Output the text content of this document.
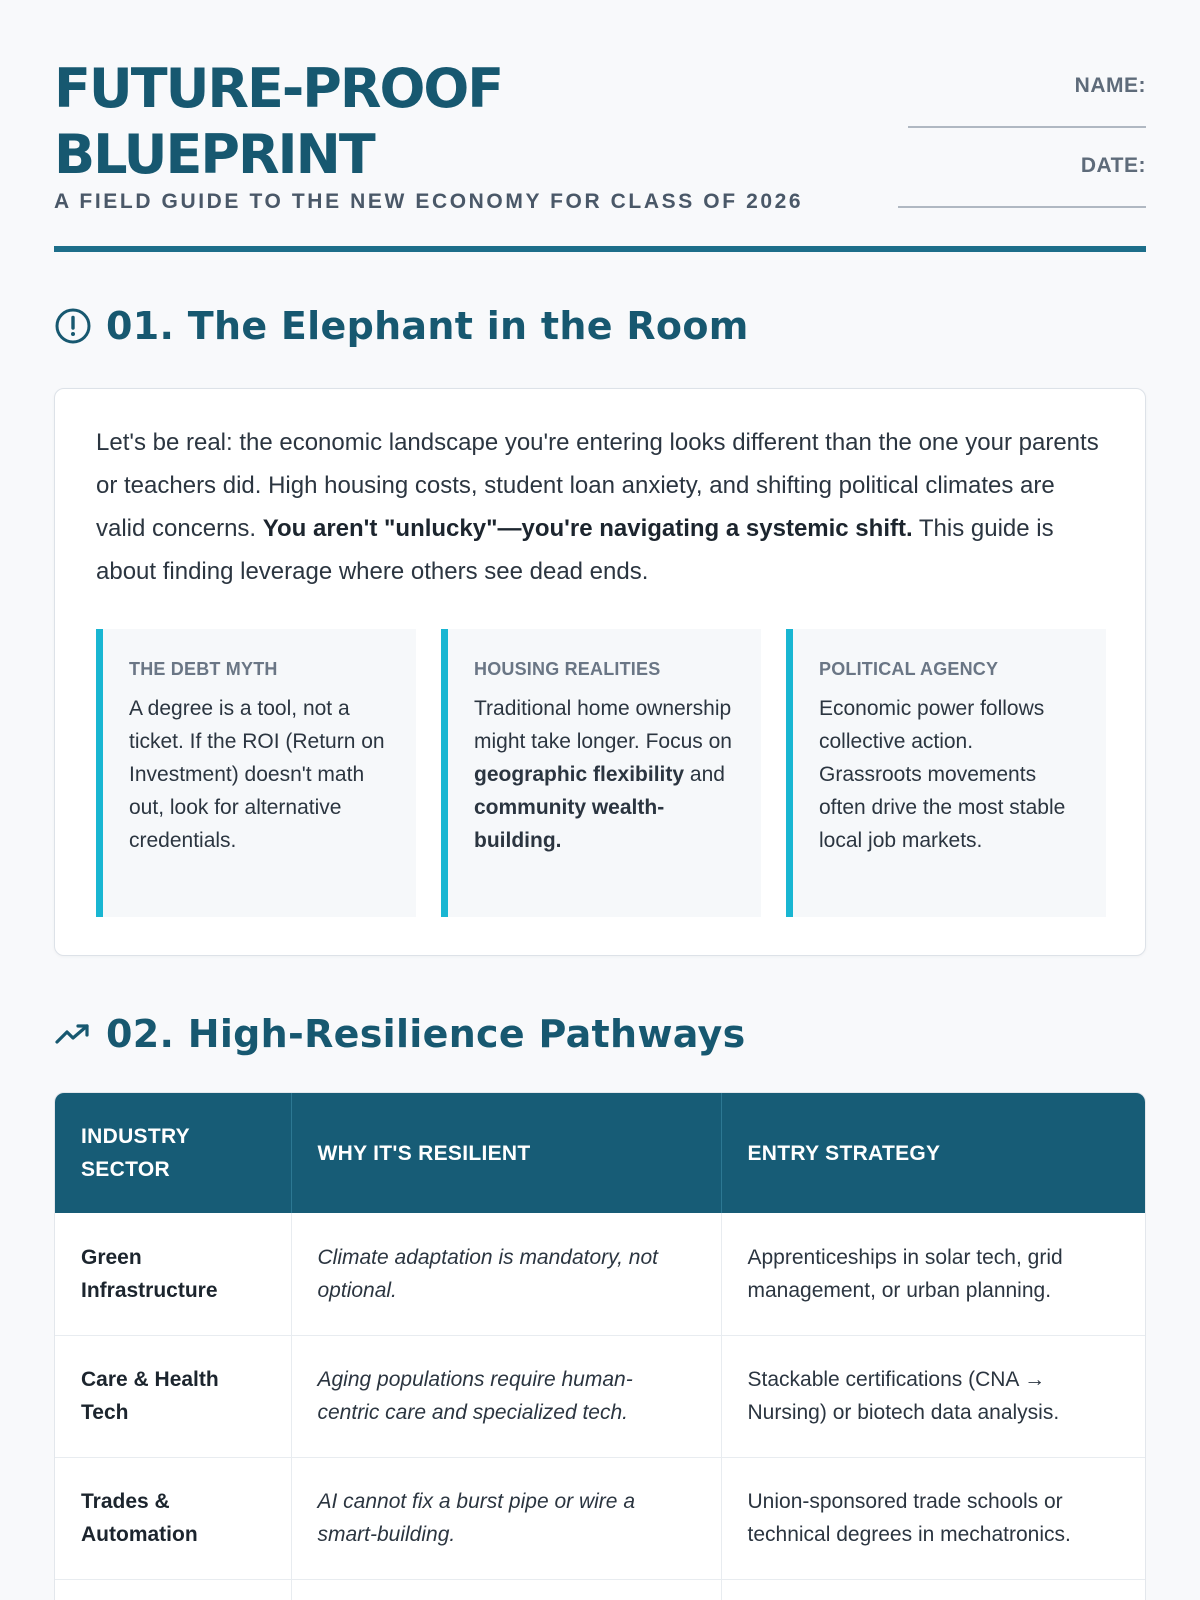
FUTURE-PROOF
BLUEPRINT
A FIELD GUIDE TO THE NEW ECONOMY FOR CLASS OF 2026
NAME:
DATE:
01. The Elephant in the Room

Let's be real: the economic landscape you're entering looks different than the one your parents or teachers did. High housing costs, student loan anxiety, and shifting political climates are valid concerns. You aren't "unlucky"—you're navigating a systemic shift. This guide is about finding leverage where others see dead ends.

THE DEBT MYTH
A degree is a tool, not a ticket. If the ROI (Return on Investment) doesn't math out, look for alternative credentials.
HOUSING REALITIES
Traditional home ownership might take longer. Focus on geographic flexibility and community wealth-building.
POLITICAL AGENCY
Economic power follows collective action. Grassroots movements often drive the most stable local job markets.
02. High-Resilience Pathways
INDUSTRY SECTOR	WHY IT'S RESILIENT	ENTRY STRATEGY
Green Infrastructure	Climate adaptation is mandatory, not optional.	Apprenticeships in solar tech, grid management, or urban planning.
Care & Health Tech	Aging populations require human-centric care and specialized tech.	Stackable certifications (CNA → Nursing) or biotech data analysis.
Trades & Automation	AI cannot fix a burst pipe or wire a smart-building.	Union-sponsored trade schools or technical degrees in mechatronics.
